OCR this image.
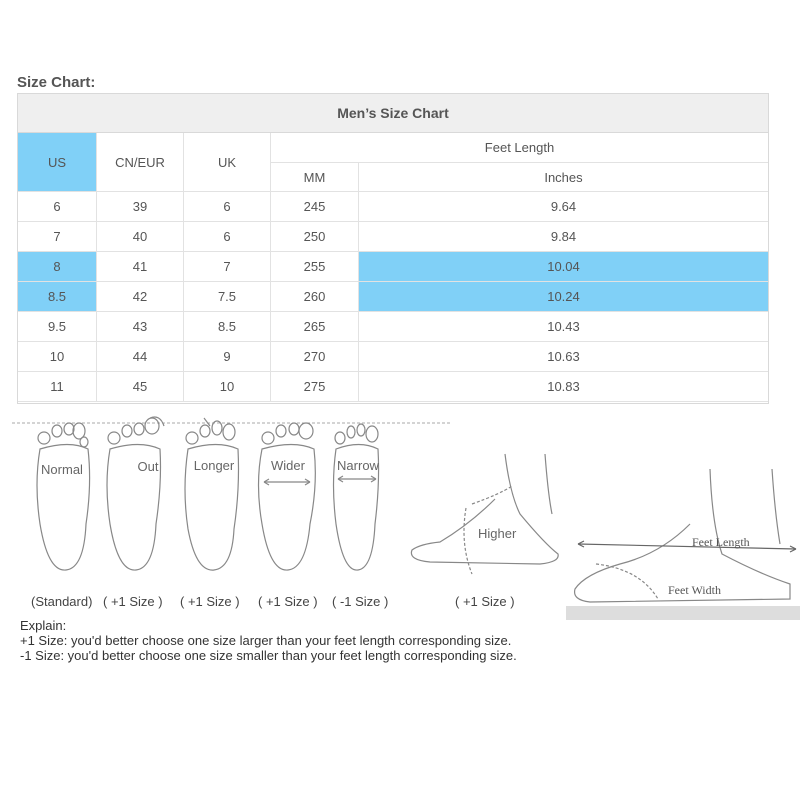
Size Chart:
Men’s Size Chart
US	CN/EUR	UK
Feet Length
MM	Inches
6	39	6	245	9.64
7	40	6	250	9.84
8	41	7	255	10.04
8.5	42	7.5	260	10.24
9.5	43	8.5	265	10.43
10	44	9	270	10.63
11	45	10	275	10.83
Normal	Out	Longer	Wider Narrow
Higher
Feet Length
Feet Width
(Standard) ( +1 Size ) ( +1 Size ) ( +1 Size ) ( -1 Size )	( +1 Size )
Explain:
+1 Size: you'd better choose one size larger than your feet length corresponding size.
-1 Size: you'd better choose one size smaller than your feet length corresponding size.
